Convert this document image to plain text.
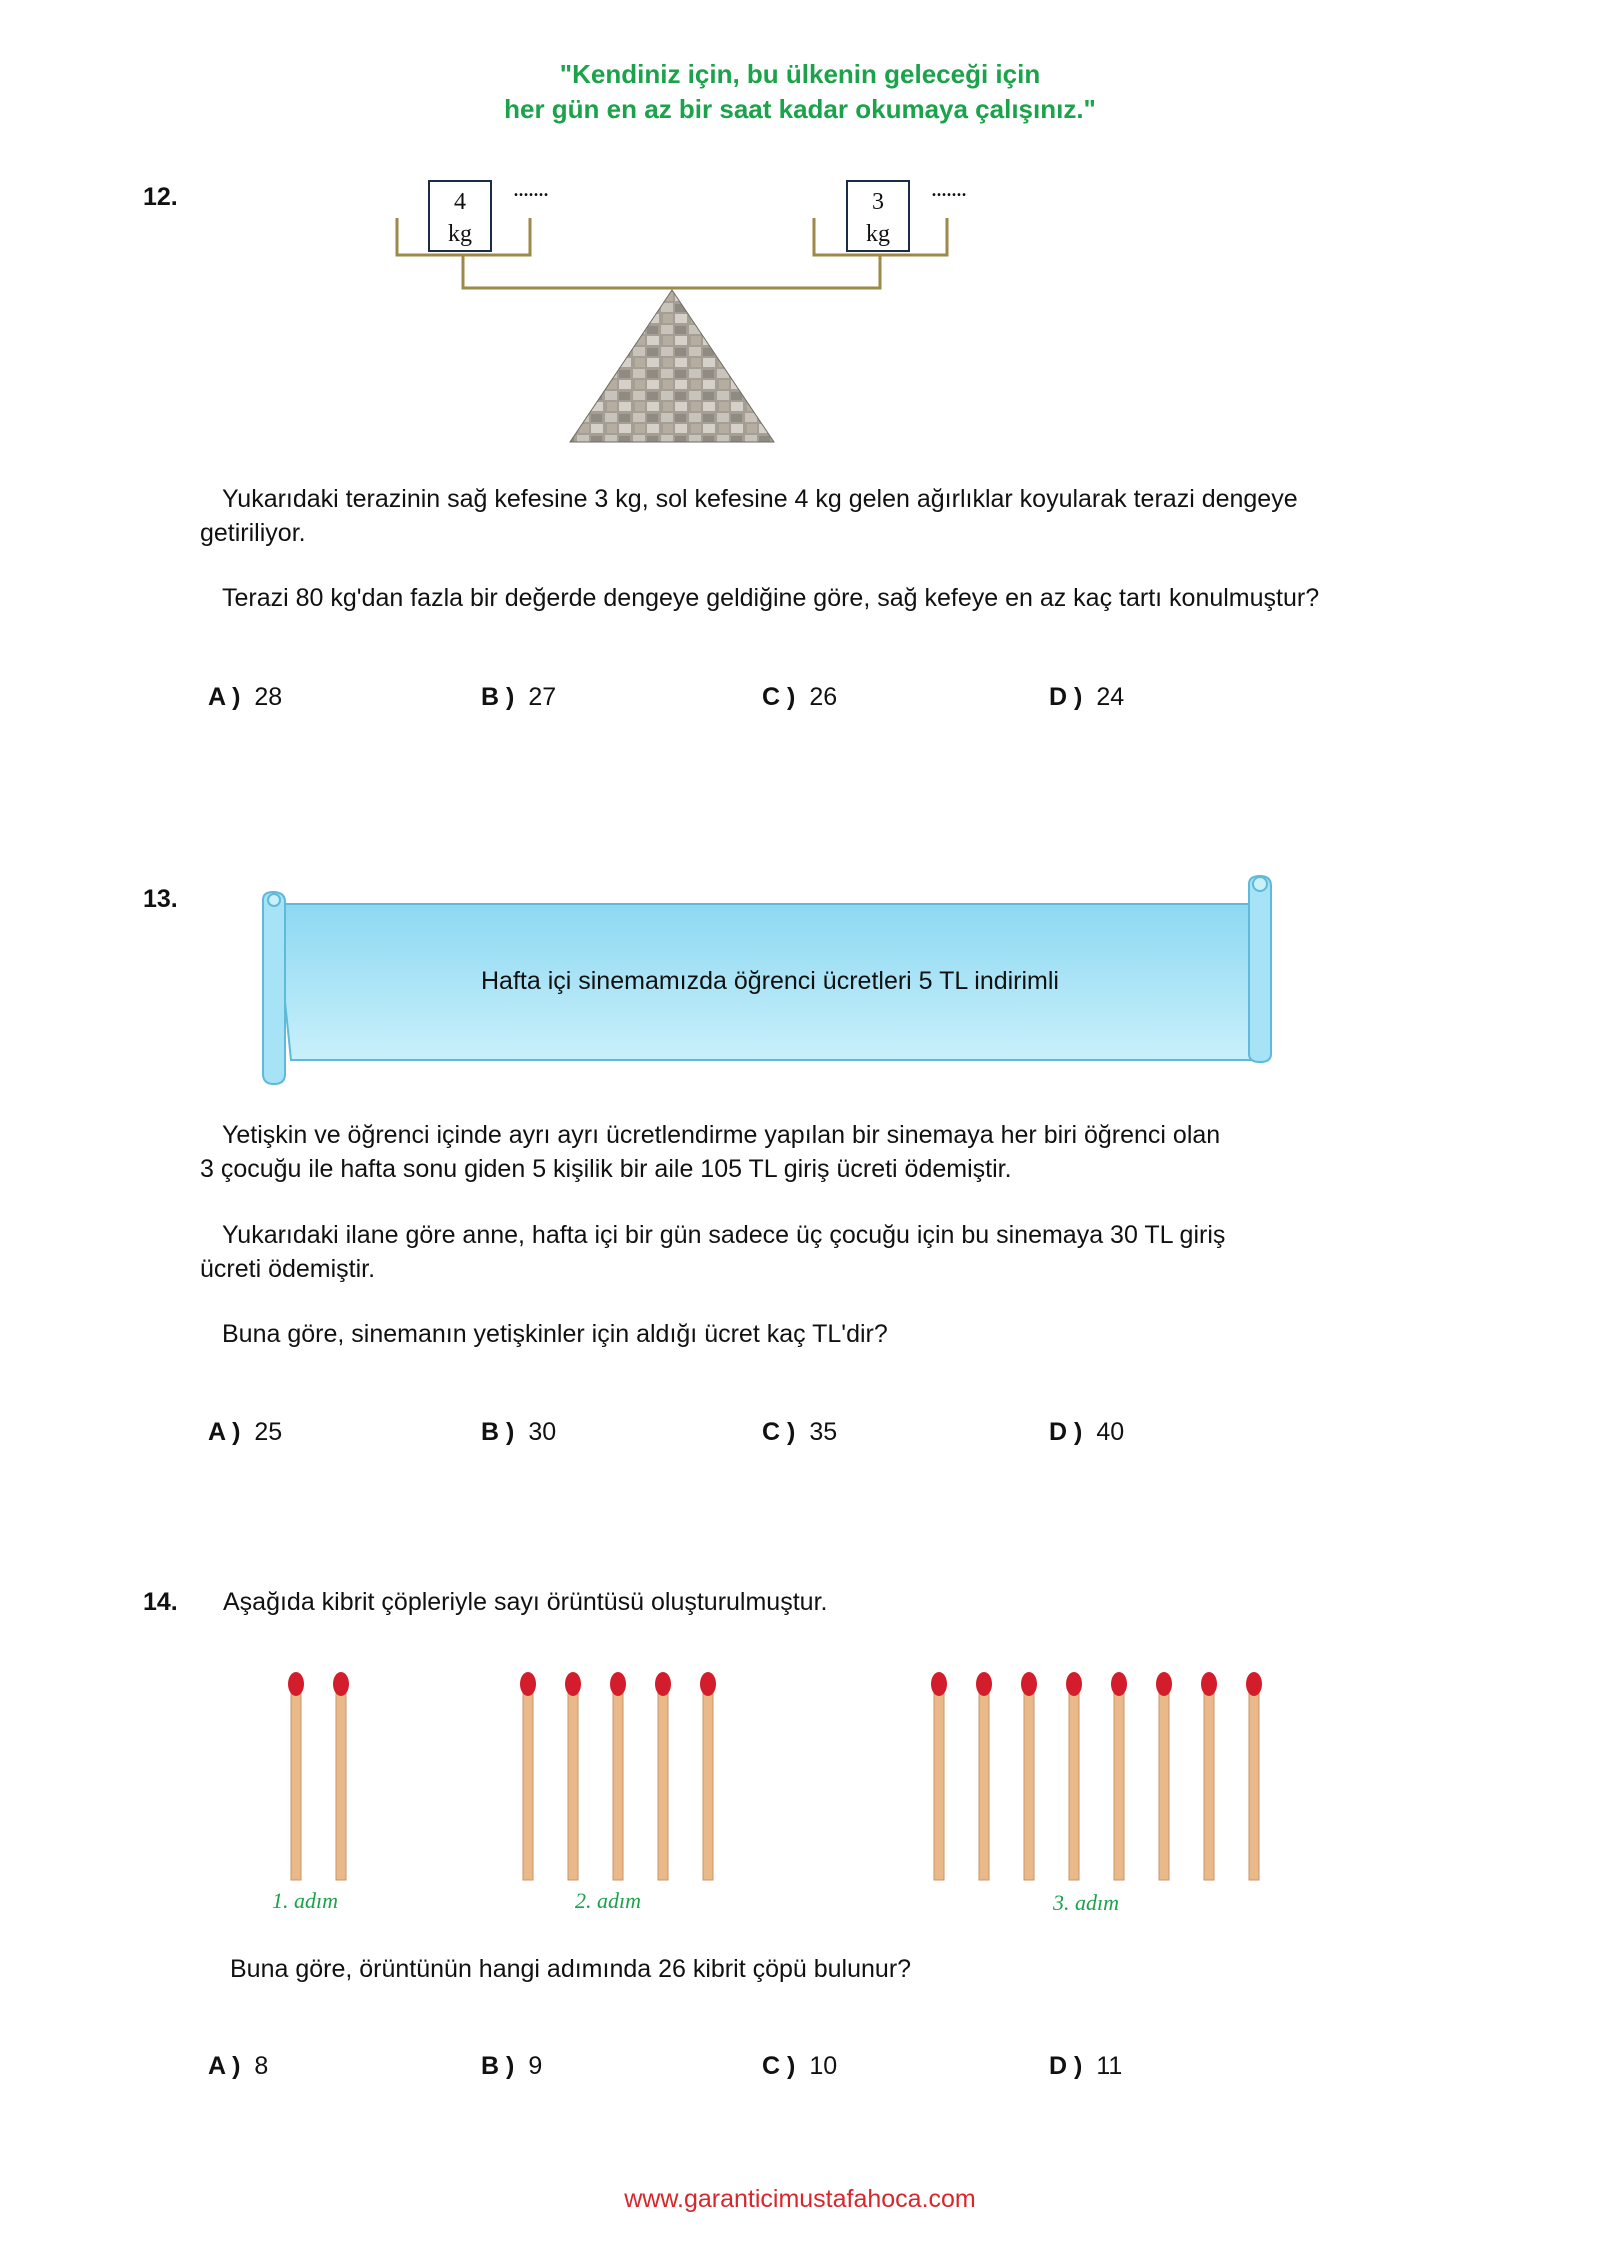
"Kendiniz için, bu ülkenin geleceği için
her gün en az bir saat kadar okumaya çalışınız."
12.	4
kg
.......	3
kg
.......
Yukarıdaki terazinin sağ kefesine 3 kg, sol kefesine 4 kg gelen ağırlıklar koyularak terazi dengeye
getiriliyor.
Terazi 80 kg'dan fazla bir değerde dengeye geldiğine göre, sağ kefeye en az kaç tartı konulmuştur?
A ) 28	B ) 27	C ) 26	D ) 24
13.
Hafta içi sinemamızda öğrenci ücretleri 5 TL indirimli
Yetişkin ve öğrenci içinde ayrı ayrı ücretlendirme yapılan bir sinemaya her biri öğrenci olan
3 çocuğu ile hafta sonu giden 5 kişilik bir aile 105 TL giriş ücreti ödemiştir.
Yukarıdaki ilane göre anne, hafta içi bir gün sadece üç çocuğu için bu sinemaya 30 TL giriş
ücreti ödemiştir.
Buna göre, sinemanın yetişkinler için aldığı ücret kaç TL'dir?
A ) 25	B ) 30	C ) 35	D ) 40
14. Aşağıda kibrit çöpleriyle sayı örüntüsü oluşturulmuştur.
1. adım	2. adım	3. adım
Buna göre, örüntünün hangi adımında 26 kibrit çöpü bulunur?
A ) 8	B ) 9	C ) 10	D ) 11
www.garanticimustafahoca.com
